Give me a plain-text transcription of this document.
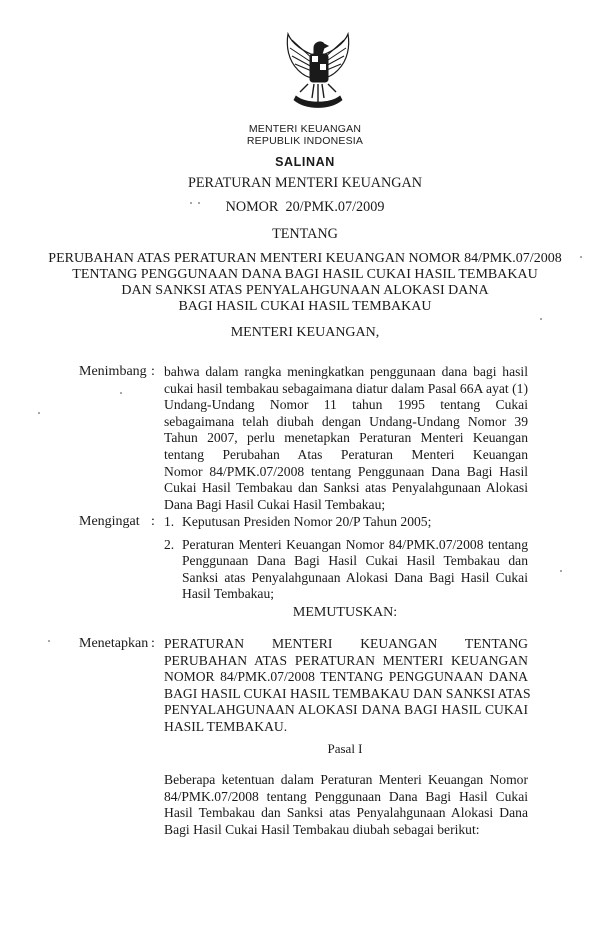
MENTERI KEUANGAN
REPUBLIK INDONESIA
SALINAN
PERATURAN MENTERI KEUANGAN
NOMOR  20/PMK.07/2009
TENTANG
PERUBAHAN ATAS PERATURAN MENTERI KEUANGAN NOMOR 84/PMK.07/2008
TENTANG PENGGUNAAN DANA BAGI HASIL CUKAI HASIL TEMBAKAU
DAN SANKSI ATAS PENYALAHGUNAAN ALOKASI DANA
BAGI HASIL CUKAI HASIL TEMBAKAU
MENTERI KEUANGAN,
Menimbang : bahwa dalam rangka meningkatkan penggunaan dana bagi hasil
cukai hasil tembakau sebagaimana diatur dalam Pasal 66A ayat (1)
Undang-Undang Nomor 11 tahun 1995 tentang Cukai
sebagaimana telah diubah dengan Undang-Undang Nomor 39
Tahun 2007, perlu menetapkan Peraturan Menteri Keuangan
tentang Perubahan Atas Peraturan Menteri Keuangan
Nomor 84/PMK.07/2008 tentang Penggunaan Dana Bagi Hasil
Cukai Hasil Tembakau dan Sanksi atas Penyalahgunaan Alokasi
Dana Bagi Hasil Cukai Hasil Tembakau;
Mengingat : 1. Keputusan Presiden Nomor 20/P Tahun 2005;
2. Peraturan Menteri Keuangan Nomor 84/PMK.07/2008 tentang
Penggunaan Dana Bagi Hasil Cukai Hasil Tembakau dan
Sanksi atas Penyalahgunaan Alokasi Dana Bagi Hasil Cukai
Hasil Tembakau;
MEMUTUSKAN:
Menetapkan : PERATURAN MENTERI KEUANGAN TENTANG
PERUBAHAN ATAS PERATURAN MENTERI KEUANGAN
NOMOR 84/PMK.07/2008 TENTANG PENGGUNAAN DANA
BAGI HASIL CUKAI HASIL TEMBAKAU DAN SANKSI ATAS
PENYALAHGUNAAN ALOKASI DANA BAGI HASIL CUKAI
HASIL TEMBAKAU.
Pasal I
Beberapa ketentuan dalam Peraturan Menteri Keuangan Nomor
84/PMK.07/2008 tentang Penggunaan Dana Bagi Hasil Cukai
Hasil Tembakau dan Sanksi atas Penyalahgunaan Alokasi Dana
Bagi Hasil Cukai Hasil Tembakau diubah sebagai berikut:
